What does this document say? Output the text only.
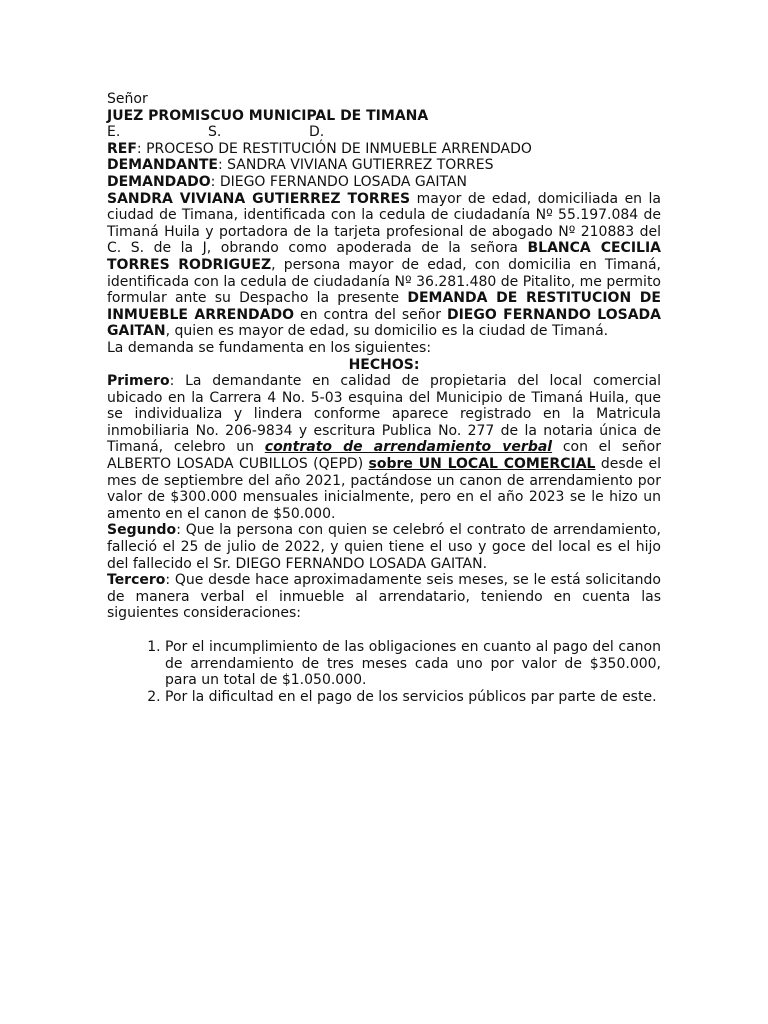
Señor

JUEZ PROMISCUO MUNICIPAL DE TIMANA

E.	S.	D.

REF: PROCESO DE RESTITUCIÓN DE INMUEBLE ARRENDADO

DEMANDANTE: SANDRA VIVIANA GUTIERREZ TORRES

DEMANDADO: DIEGO FERNANDO LOSADA GAITAN

SANDRA VIVIANA GUTIERREZ TORRES mayor de edad, domiciliada en la ciudad de Timana, identificada con la cedula de ciudadanía Nº 55.197.084 de Timaná Huila y portadora de la tarjeta profesional de abogado Nº 210883 del C. S. de la J, obrando como apoderada de la señora BLANCA CECILIA TORRES RODRIGUEZ, persona mayor de edad, con domicilia en Timaná, identificada con la cedula de ciudadanía Nº 36.281.480 de Pitalito, me permito formular ante su Despacho la presente DEMANDA DE RESTITUCION DE INMUEBLE ARRENDADO en contra del señor DIEGO FERNANDO LOSADA GAITAN, quien es mayor de edad, su domicilio es la ciudad de Timaná.

La demanda se fundamenta en los siguientes:

HECHOS:

Primero: La demandante en calidad de propietaria del local comercial ubicado en la Carrera 4 No. 5-03 esquina del Municipio de Timaná Huila, que se individualiza y lindera conforme aparece registrado en la Matricula inmobiliaria No. 206-9834 y escritura Publica No. 277 de la notaria única de Timaná, celebro un contrato de arrendamiento verbal con el señor ALBERTO LOSADA CUBILLOS (QEPD) sobre UN LOCAL COMERCIAL desde el mes de septiembre del año 2021, pactándose un canon de arrendamiento por valor de $300.000 mensuales inicialmente, pero en el año 2023 se le hizo un amento en el canon de $50.000.

Segundo: Que la persona con quien se celebró el contrato de arrendamiento, falleció el 25 de julio de 2022, y quien tiene el uso y goce del local es el hijo del fallecido el Sr. DIEGO FERNANDO LOSADA GAITAN.

Tercero: Que desde hace aproximadamente seis meses, se le está solicitando de manera verbal el inmueble al arrendatario, teniendo en cuenta las siguientes consideraciones:

1. Por el incumplimiento de las obligaciones en cuanto al pago del canon de arrendamiento de tres meses cada uno por valor de $350.000, para un total de $1.050.000.
2. Por la dificultad en el pago de los servicios públicos par parte de este.
